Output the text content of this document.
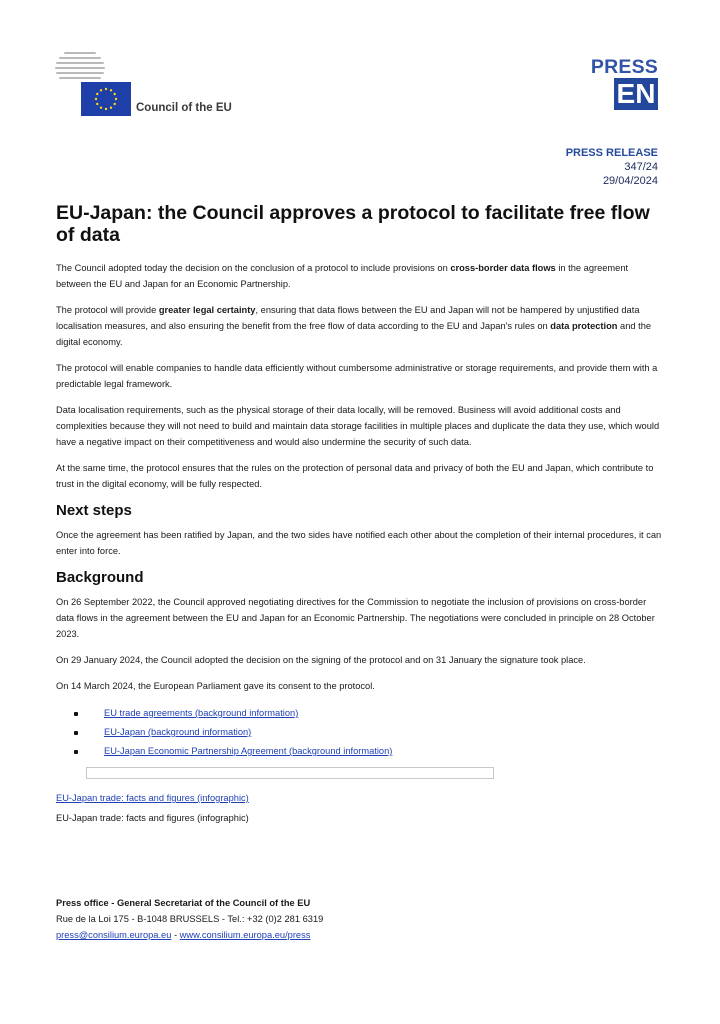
Council of the EU
PRESS
EN
PRESS RELEASE
347/24
29/04/2024
EU-Japan: the Council approves a protocol to facilitate free flow of data

The Council adopted today the decision on the conclusion of a protocol to include provisions on cross-border data flows in the agreement between the EU and Japan for an Economic Partnership.

The protocol will provide greater legal certainty, ensuring that data flows between the EU and Japan will not be hampered by unjustified data localisation measures, and also ensuring the benefit from the free flow of data according to the EU and Japan's rules on data protection and the digital economy.

The protocol will enable companies to handle data efficiently without cumbersome administrative or storage requirements, and provide them with a predictable legal framework.

Data localisation requirements, such as the physical storage of their data locally, will be removed. Business will avoid additional costs and complexities because they will not need to build and maintain data storage facilities in multiple places and duplicate the data they use, which would have a negative impact on their competitiveness and would also undermine the security of such data.

At the same time, the protocol ensures that the rules on the protection of personal data and privacy of both the EU and Japan, which contribute to trust in the digital economy, will be fully respected.

Next steps

Once the agreement has been ratified by Japan, and the two sides have notified each other about the completion of their internal procedures, it can enter into force.

Background

On 26 September 2022, the Council approved negotiating directives for the Commission to negotiate the inclusion of provisions on cross-border data flows in the agreement between the EU and Japan for an Economic Partnership. The negotiations were concluded in principle on 28 October 2023.

On 29 January 2024, the Council adopted the decision on the signing of the protocol and on 31 January the signature took place.

On 14 March 2024, the European Parliament gave its consent to the protocol.

EU trade agreements (background information)
EU-Japan (background information)
EU-Japan Economic Partnership Agreement (background information)
EU-Japan trade: facts and figures (infographic)
EU-Japan trade: facts and figures (infographic)
Press office - General Secretariat of the Council of the EU
Rue de la Loi 175 - B-1048 BRUSSELS - Tel.: +32 (0)2 281 6319
press@consilium.europa.eu - www.consilium.europa.eu/press
